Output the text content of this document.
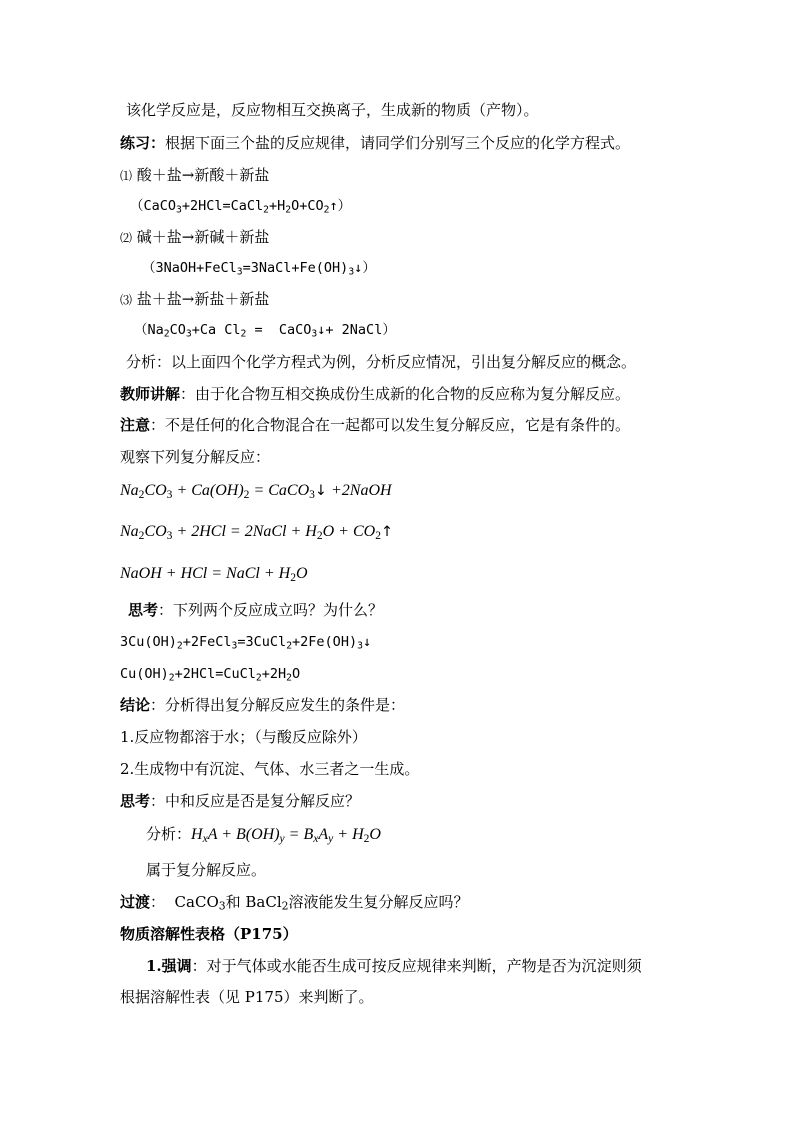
该化学反应是，反应物相互交换离子，生成新的物质（产物）。
练习：根据下面三个盐的反应规律，请同学们分别写三个反应的化学方程式。
⑴ 酸＋盐→新酸＋新盐
$(CaCO_3+2HCl=CaCl_2+H_2O+CO_2↑)$
⑵ 碱＋盐→新碱＋新盐
$(3NaOH+FeCl_3=3NaCl+Fe(OH)_3↓)$
⑶ 盐＋盐→新盐＋新盐
（$Na_2CO_3+Ca$ $Cl_2$ =  CaCO$_3$↓+ 2NaCl）
分析：以上面四个化学方程式为例，分析反应情况，引出复分解反应的概念。
教师讲解：由于化合物互相交换成份生成新的化合物的反应称为复分解反应。
注意：不是任何的化合物混合在一起都可以发生复分解反应，它是有条件的。
观察下列复分解反应：
$Na_2CO_3 + Ca(OH)_2$ = CaCO$_3$↓ +2NaOH
$Na_2CO_3 + 2HCl$ = 2NaCl + $H_2O$ + $CO_2↑$
NaOH + HCl = NaCl + $H_2O$
思考：下列两个反应成立吗？为什么？
$3Cu(OH)_2+2FeCl_3=3CuCl_2+2Fe(OH)_3↓$
$Cu(OH)_2+2HCl=CuCl_2+2H_2O$
结论：分析得出复分解反应发生的条件是：
1.反应物都溶于水；（与酸反应除外）
2.生成物中有沉淀、气体、水三者之一生成。
思考：中和反应是否是复分解反应？
分析：$H_xA + B(OH)_y = B_xA_y + H_2O$
属于复分解反应。
过渡：  CaCO$_3$和 BaCl$_2$溶液能发生复分解反应吗？
物质溶解性表格（P175）
1.强调：对于气体或水能否生成可按反应规律来判断，产物是否为沉淀则须
根据溶解性表（见 P175）来判断了。
